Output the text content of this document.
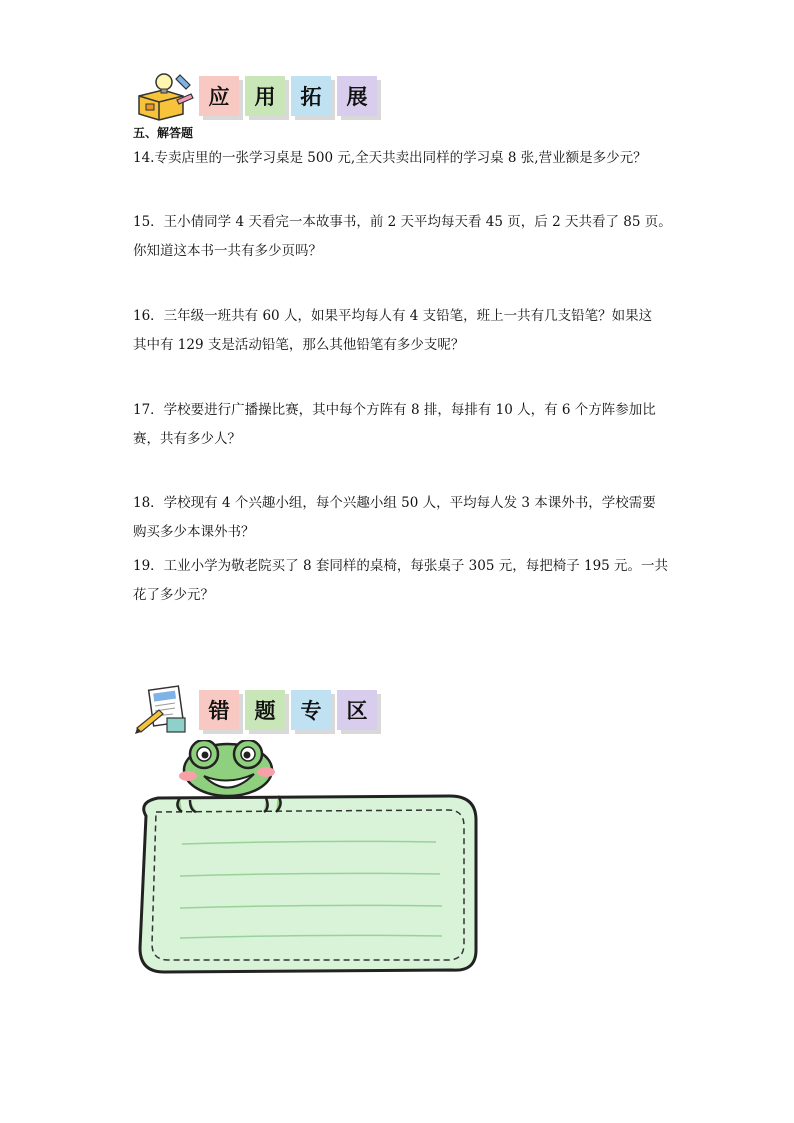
应	用	拓	展
五、解答题
14.专卖店里的一张学习桌是 500 元,全天共卖出同样的学习桌 8 张,营业额是多少元？
15．王小倩同学 4 天看完一本故事书，前 2 天平均每天看 45 页，后 2 天共看了 85 页。
你知道这本书一共有多少页吗？
16．三年级一班共有 60 人，如果平均每人有 4 支铅笔，班上一共有几支铅笔？如果这
其中有 129 支是活动铅笔，那么其他铅笔有多少支呢？
17．学校要进行广播操比赛，其中每个方阵有 8 排，每排有 10 人，有 6 个方阵参加比
赛，共有多少人？
18．学校现有 4 个兴趣小组，每个兴趣小组 50 人，平均每人发 3 本课外书，学校需要
购买多少本课外书？
19．工业小学为敬老院买了 8 套同样的桌椅，每张桌子 305 元，每把椅子 195 元。一共
花了多少元？
错	题	专	区
